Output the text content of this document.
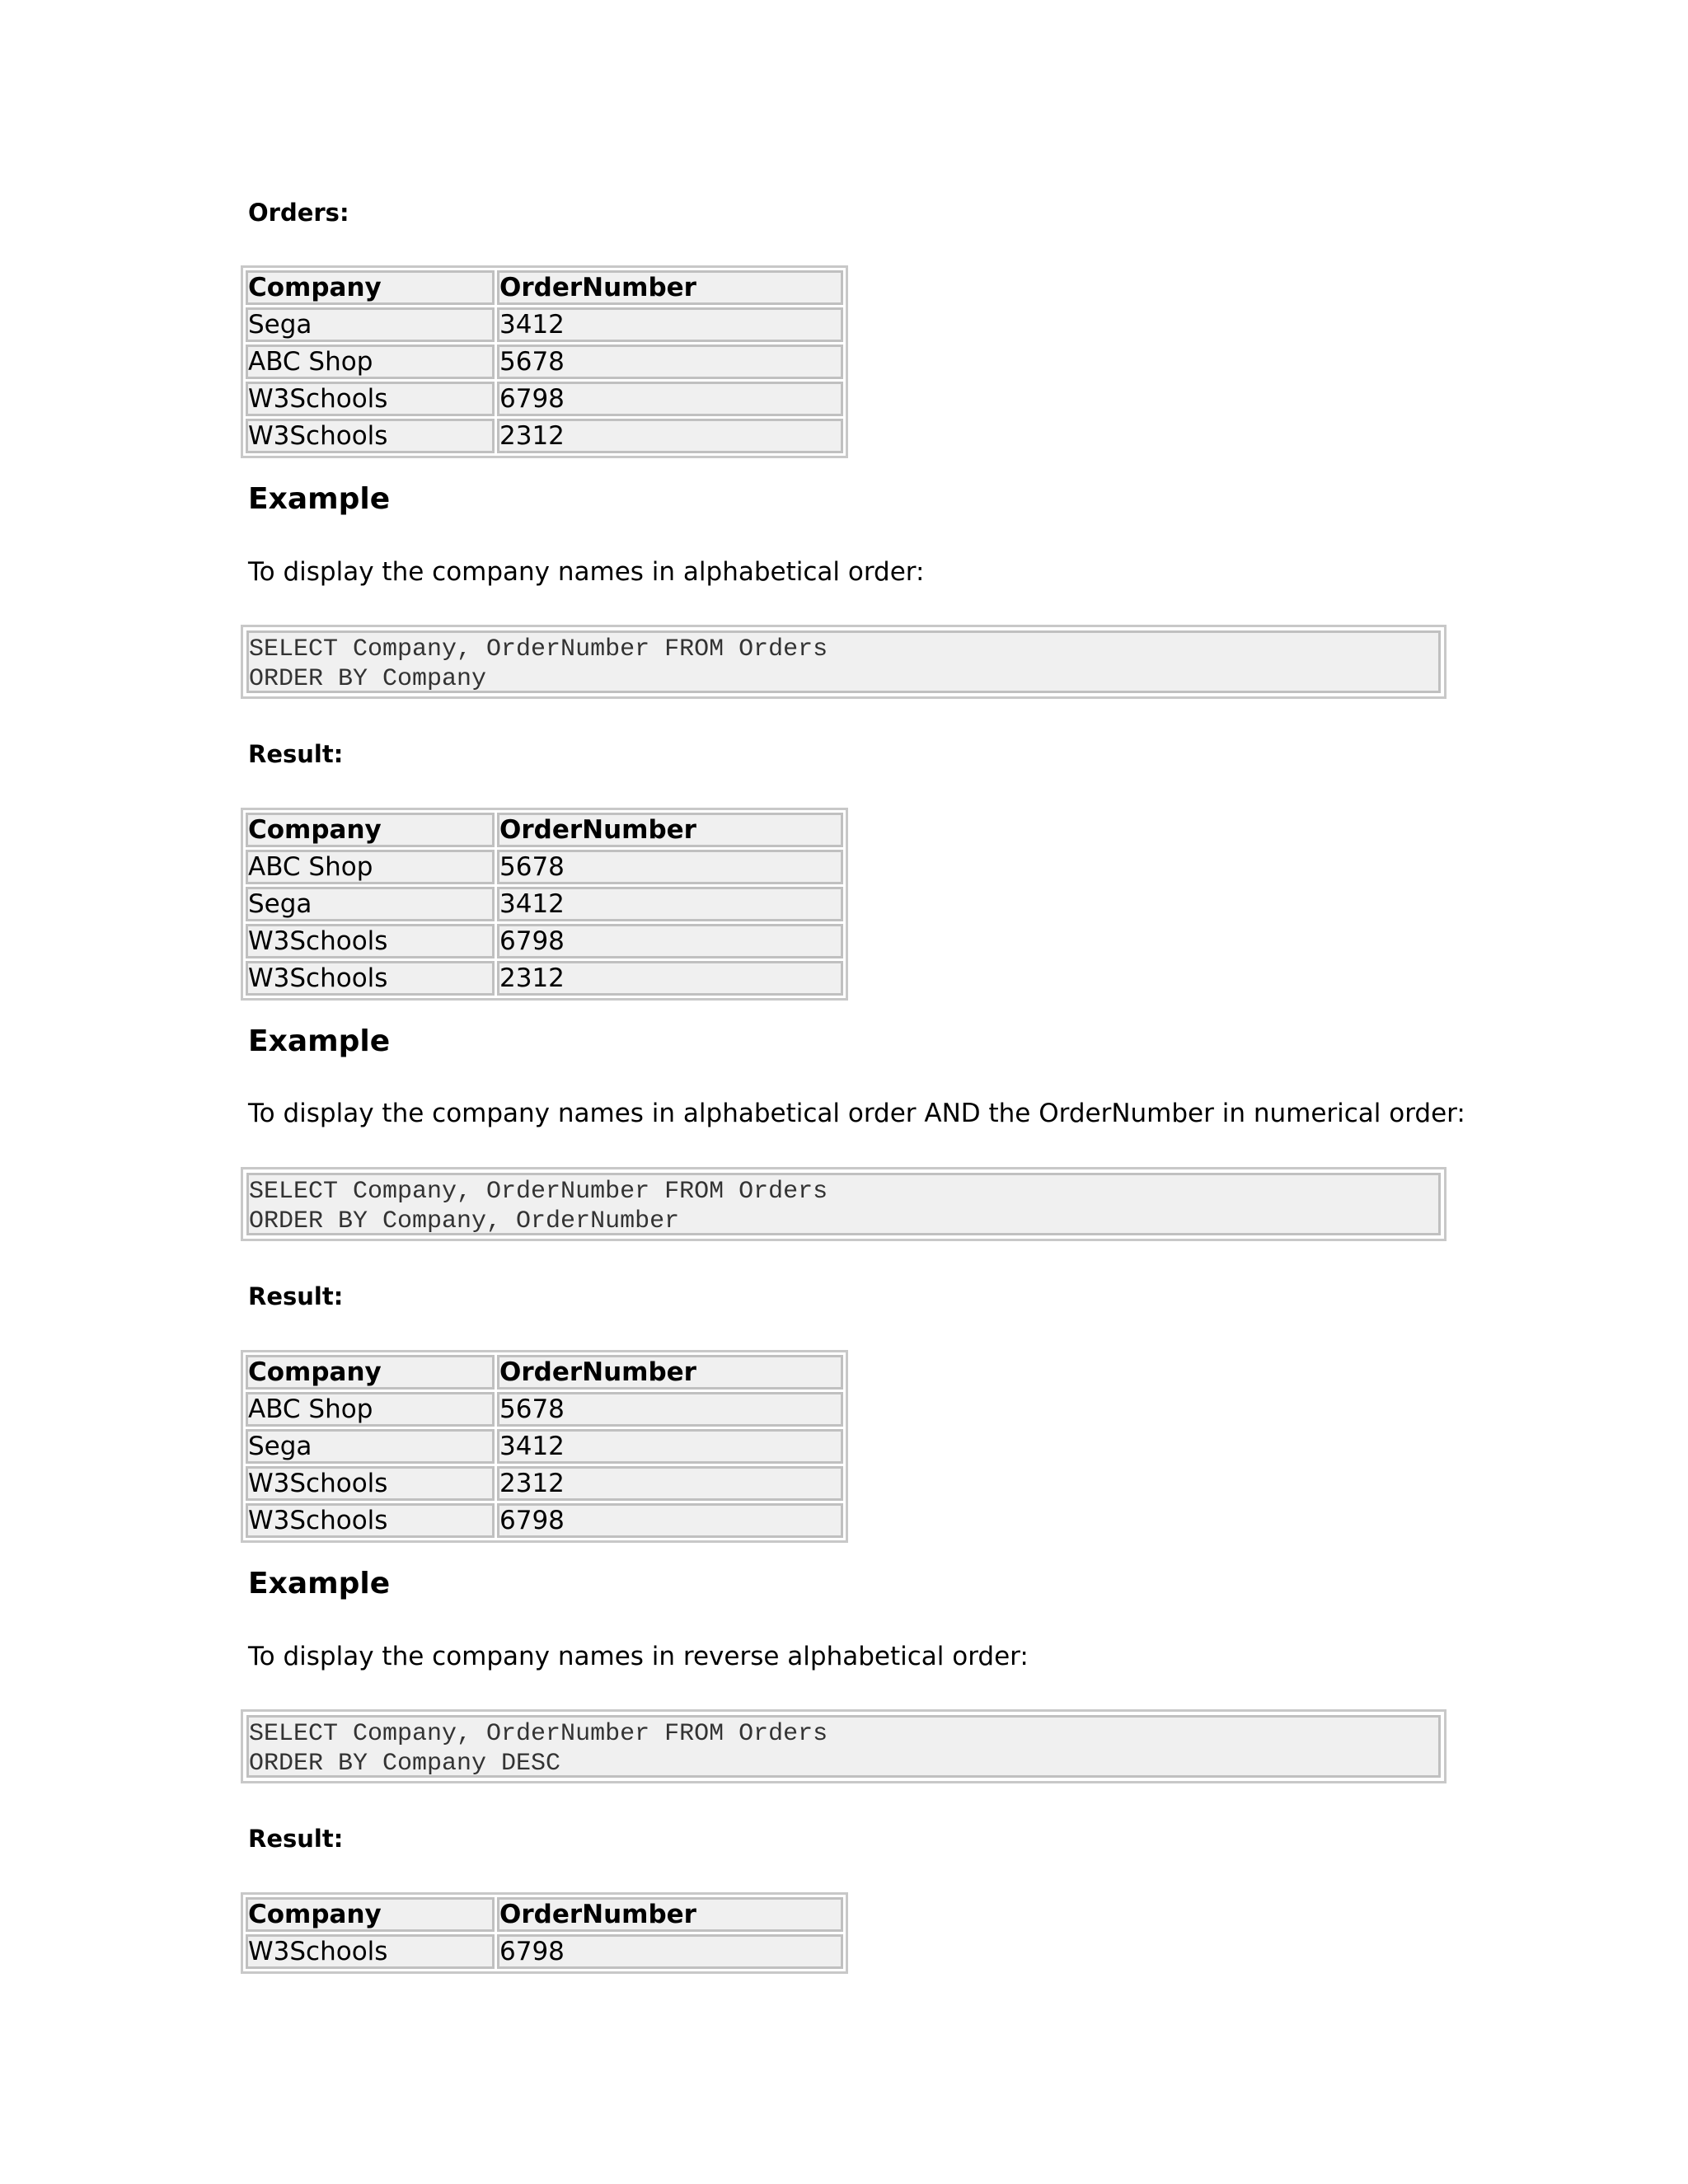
Orders:

Company	OrderNumber
Sega	3412
ABC Shop	5678
W3Schools	6798
W3Schools	2312
Example

To display the company names in alphabetical order:

SELECT Company, OrderNumber FROM Orders
ORDER BY Company

Result:

Company	OrderNumber
ABC Shop	5678
Sega	3412
W3Schools	6798
W3Schools	2312
Example

To display the company names in alphabetical order AND the OrderNumber in numerical order:

SELECT Company, OrderNumber FROM Orders
ORDER BY Company, OrderNumber

Result:

Company	OrderNumber
ABC Shop	5678
Sega	3412
W3Schools	2312
W3Schools	6798
Example

To display the company names in reverse alphabetical order:

SELECT Company, OrderNumber FROM Orders
ORDER BY Company DESC

Result:

Company	OrderNumber
W3Schools	6798
